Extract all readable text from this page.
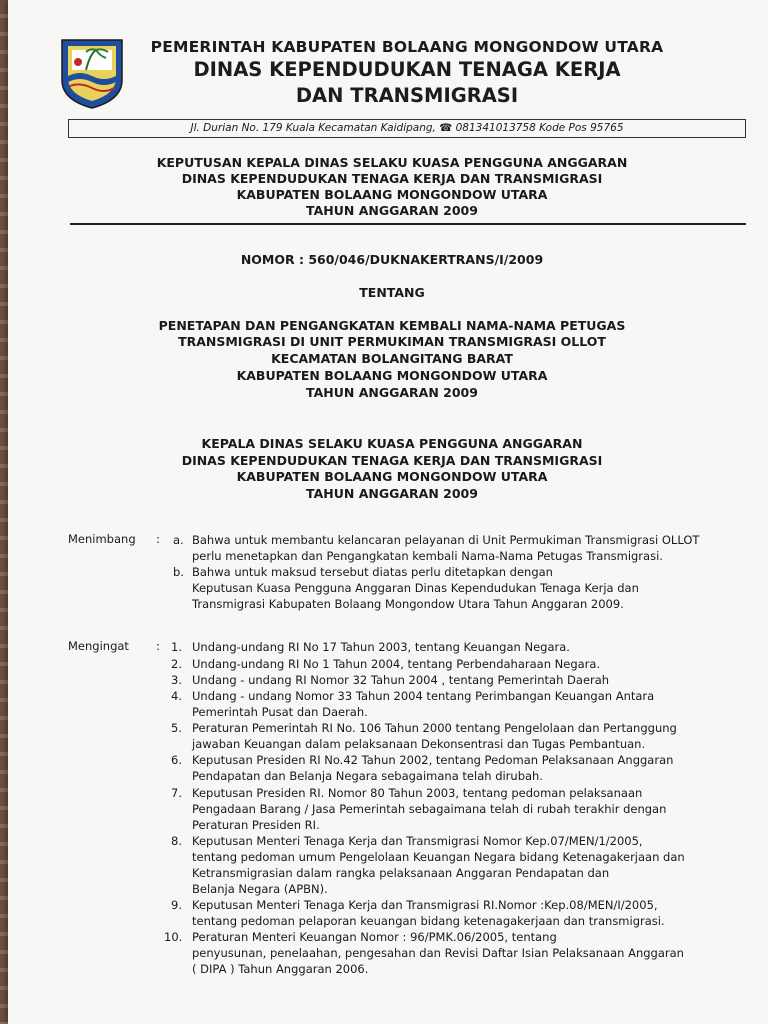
PEMERINTAH KABUPATEN BOLAANG MONGONDOW UTARA
DINAS KEPENDUDUKAN TENAGA KERJA
DAN TRANSMIGRASI
Jl. Durian No. 179 Kuala Kecamatan Kaidipang, ☎ 081341013758 Kode Pos 95765
KEPUTUSAN KEPALA DINAS SELAKU KUASA PENGGUNA ANGGARAN
DINAS KEPENDUDUKAN TENAGA KERJA DAN TRANSMIGRASI
KABUPATEN BOLAANG MONGONDOW UTARA
TAHUN ANGGARAN 2009
NOMOR : 560/046/DUKNAKERTRANS/I/2009
TENTANG
PENETAPAN DAN PENGANGKATAN KEMBALI NAMA-NAMA PETUGAS
TRANSMIGRASI DI UNIT PERMUKIMAN TRANSMIGRASI OLLOT
KECAMATAN BOLANGITANG BARAT
KABUPATEN BOLAANG MONGONDOW UTARA
TAHUN ANGGARAN 2009
KEPALA DINAS SELAKU KUASA PENGGUNA ANGGARAN
DINAS KEPENDUDUKAN TENAGA KERJA DAN TRANSMIGRASI
KABUPATEN BOLAANG MONGONDOW UTARA
TAHUN ANGGARAN 2009
Menimbang : a. Bahwa untuk membantu kelancaran pelayanan di Unit Permukiman Transmigrasi OLLOT
perlu menetapkan dan Pengangkatan kembali Nama-Nama Petugas Transmigrasi.
b. Bahwa untuk maksud tersebut diatas perlu ditetapkan dengan
Keputusan Kuasa Pengguna Anggaran Dinas Kependudukan Tenaga Kerja dan
Transmigrasi Kabupaten Bolaang Mongondow Utara Tahun Anggaran 2009.
Mengingat : 1. Undang-undang RI No 17 Tahun 2003, tentang Keuangan Negara.
2. Undang-undang RI No 1 Tahun 2004, tentang Perbendaharaan Negara.
3. Undang - undang RI Nomor 32 Tahun 2004 , tentang Pemerintah Daerah
4. Undang - undang Nomor 33 Tahun 2004 tentang Perimbangan Keuangan Antara
Pemerintah Pusat dan Daerah.
5. Peraturan Pemerintah RI No. 106 Tahun 2000 tentang Pengelolaan dan Pertanggung
jawaban Keuangan dalam pelaksanaan Dekonsentrasi dan Tugas Pembantuan.
6. Keputusan Presiden RI No.42 Tahun 2002, tentang Pedoman Pelaksanaan Anggaran
Pendapatan dan Belanja Negara sebagaimana telah dirubah.
7. Keputusan Presiden RI. Nomor 80 Tahun 2003, tentang pedoman pelaksanaan
Pengadaan Barang / Jasa Pemerintah sebagaimana telah di rubah terakhir dengan
Peraturan Presiden RI.
8. Keputusan Menteri Tenaga Kerja dan Transmigrasi Nomor Kep.07/MEN/1/2005,
tentang pedoman umum Pengelolaan Keuangan Negara bidang Ketenagakerjaan dan
Ketransmigrasian dalam rangka pelaksanaan Anggaran Pendapatan dan
Belanja Negara (APBN).
9. Keputusan Menteri Tenaga Kerja dan Transmigrasi RI.Nomor :Kep.08/MEN/I/2005,
tentang pedoman pelaporan keuangan bidang ketenagakerjaan dan transmigrasi.
10. Peraturan Menteri Keuangan Nomor : 96/PMK.06/2005, tentang
penyusunan, penelaahan, pengesahan dan Revisi Daftar Isian Pelaksanaan Anggaran
( DIPA ) Tahun Anggaran 2006.
